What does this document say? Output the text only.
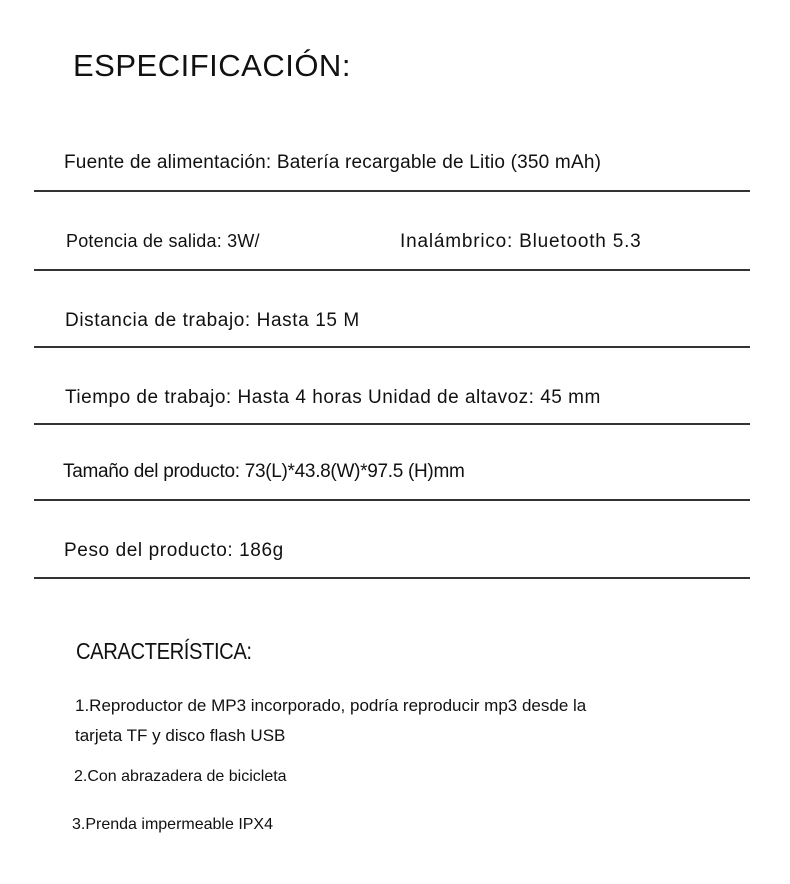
ESPECIFICACIÓN:
Fuente de alimentación: Batería recargable de Litio (350 mAh)
Potencia de salida: 3W/	Inalámbrico: Bluetooth 5.3
Distancia de trabajo: Hasta 15 M
Tiempo de trabajo: Hasta 4 horas Unidad de altavoz: 45 mm
Tamaño del producto: 73(L)*43.8(W)*97.5 (H)mm
Peso del producto: 186g
CARACTERÍSTICA:
1.Reproductor de MP3 incorporado, podría reproducir mp3 desde la
tarjeta TF y disco flash USB
2.Con abrazadera de bicicleta
3.Prenda impermeable IPX4
